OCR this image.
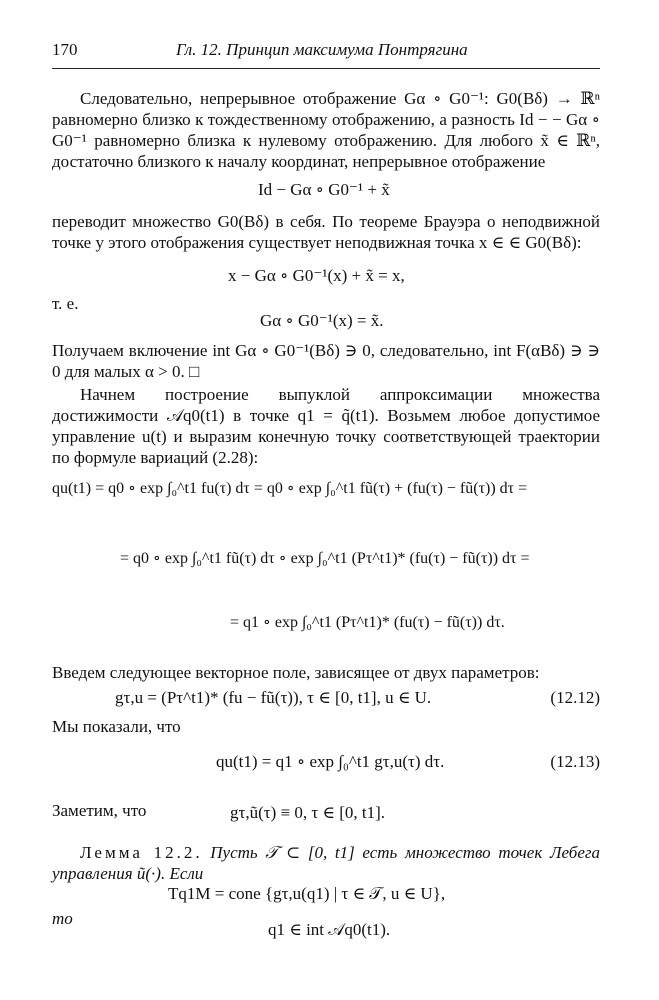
170	Гл. 12. Принцип максимума Понтрягина
Следовательно, непрерывное отображение Gα ∘ G0⁻¹: G0(Bδ) → ℝⁿ равномерно близко к тождественному отображению, а разность Id − − Gα ∘ G0⁻¹ равномерно близка к нулевому отображению. Для любого x̃ ∈ ℝⁿ, достаточно близкого к началу координат, непрерывное отображение
Id − Gα ∘ G0⁻¹ + x̃
переводит множество G0(Bδ) в себя. По теореме Брауэра о неподвижной точке у этого отображения существует неподвижная точка x ∈ ∈ G0(Bδ):
x − Gα ∘ G0⁻¹(x) + x̃ = x,
т. е.
Gα ∘ G0⁻¹(x) = x̃.
Получаем включение int Gα ∘ G0⁻¹(Bδ) ∋ 0, следовательно, int F(αBδ) ∋ ∋ 0 для малых α > 0. □
Начнем построение выпуклой аппроксимации множества достижимости 𝒜q0(t1) в точке q1 = q̃(t1). Возьмем любое допустимое управление u(t) и выразим конечную точку соответствующей траектории по формуле вариаций (2.28):
qu(t1) = q0 ∘ exp ∫₀^t1 fu(τ) dτ = q0 ∘ exp ∫₀^t1 fũ(τ) + (fu(τ) − fũ(τ)) dτ =
= q0 ∘ exp ∫₀^t1 fũ(τ) dτ ∘ exp ∫₀^t1 (Pτ^t1)* (fu(τ) − fũ(τ)) dτ =
= q1 ∘ exp ∫₀^t1 (Pτ^t1)* (fu(τ) − fũ(τ)) dτ.
Введем следующее векторное поле, зависящее от двух параметров:
gτ,u = (Pτ^t1)* (fu − fũ(τ)), τ ∈ [0, t1], u ∈ U.	(12.12)
Мы показали, что
qu(t1) = q1 ∘ exp ∫₀^t1 gτ,u(τ) dτ.	(12.13)
Заметим, что	gτ,ũ(τ) ≡ 0, τ ∈ [0, t1].
Лемма 12.2. Пусть 𝒯 ⊂ [0, t1] есть множество точек Лебега управления ũ(·). Если
Tq1M = cone {gτ,u(q1) | τ ∈ 𝒯, u ∈ U},
то
q1 ∈ int 𝒜q0(t1).
